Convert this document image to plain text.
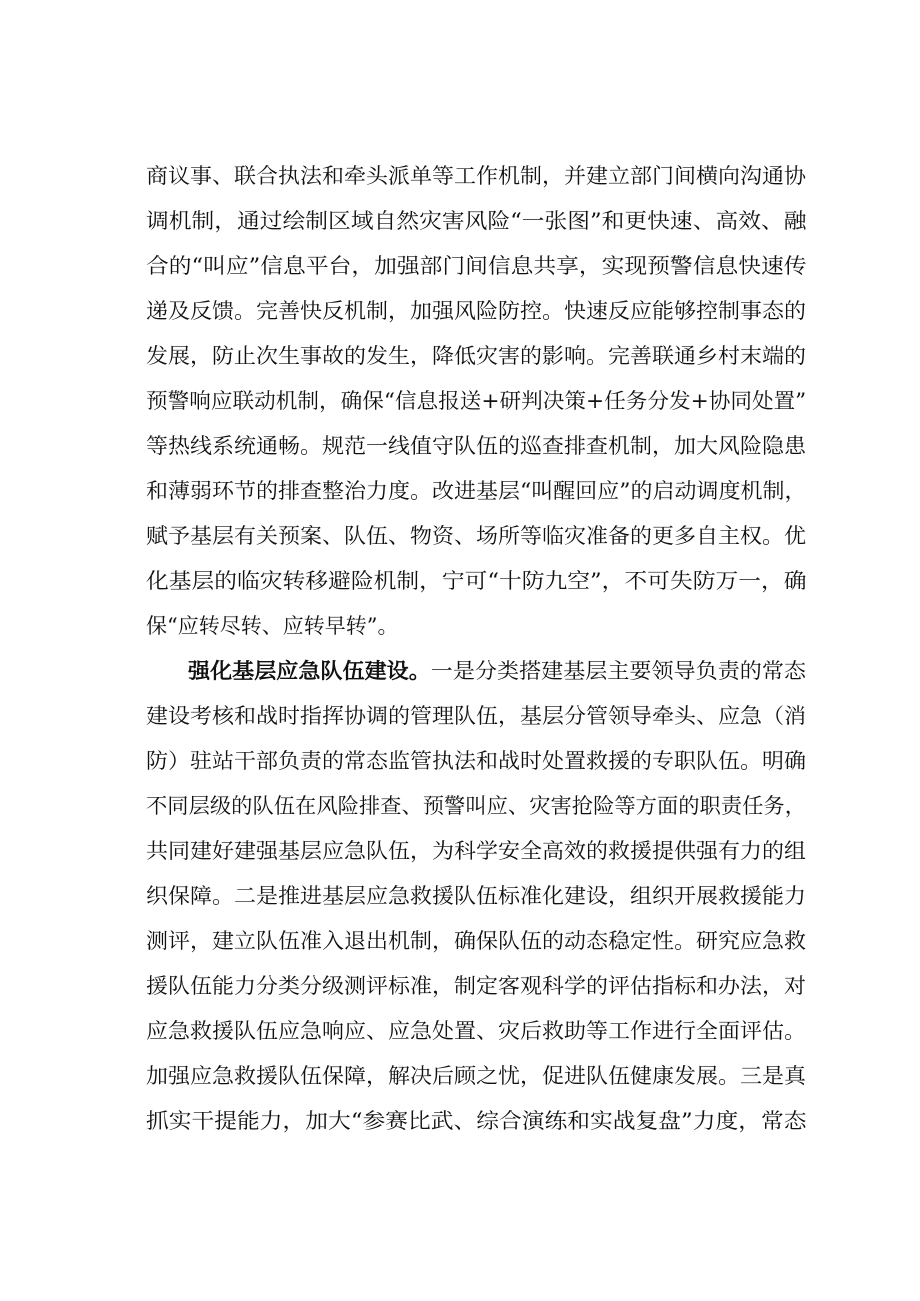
商议事、联合执法和牵头派单等工作机制，并建立部门间横向沟通协
调机制，通过绘制区域自然灾害风险“一张图”和更快速、高效、融
合的“叫应”信息平台，加强部门间信息共享，实现预警信息快速传
递及反馈。完善快反机制，加强风险防控。快速反应能够控制事态的
发展，防止次生事故的发生，降低灾害的影响。完善联通乡村末端的
预警响应联动机制，确保“信息报送+研判决策+任务分发+协同处置”
等热线系统通畅。规范一线值守队伍的巡查排查机制，加大风险隐患
和薄弱环节的排查整治力度。改进基层“叫醒回应”的启动调度机制，
赋予基层有关预案、队伍、物资、场所等临灾准备的更多自主权。优
化基层的临灾转移避险机制，宁可“十防九空”，不可失防万一，确
保“应转尽转、应转早转”。
强化基层应急队伍建设。一是分类搭建基层主要领导负责的常态
建设考核和战时指挥协调的管理队伍，基层分管领导牵头、应急（消
防）驻站干部负责的常态监管执法和战时处置救援的专职队伍。明确
不同层级的队伍在风险排查、预警叫应、灾害抢险等方面的职责任务，
共同建好建强基层应急队伍，为科学安全高效的救援提供强有力的组
织保障。二是推进基层应急救援队伍标准化建设，组织开展救援能力
测评，建立队伍准入退出机制，确保队伍的动态稳定性。研究应急救
援队伍能力分类分级测评标准，制定客观科学的评估指标和办法，对
应急救援队伍应急响应、应急处置、灾后救助等工作进行全面评估。
加强应急救援队伍保障，解决后顾之忧，促进队伍健康发展。三是真
抓实干提能力，加大“参赛比武、综合演练和实战复盘”力度，常态
